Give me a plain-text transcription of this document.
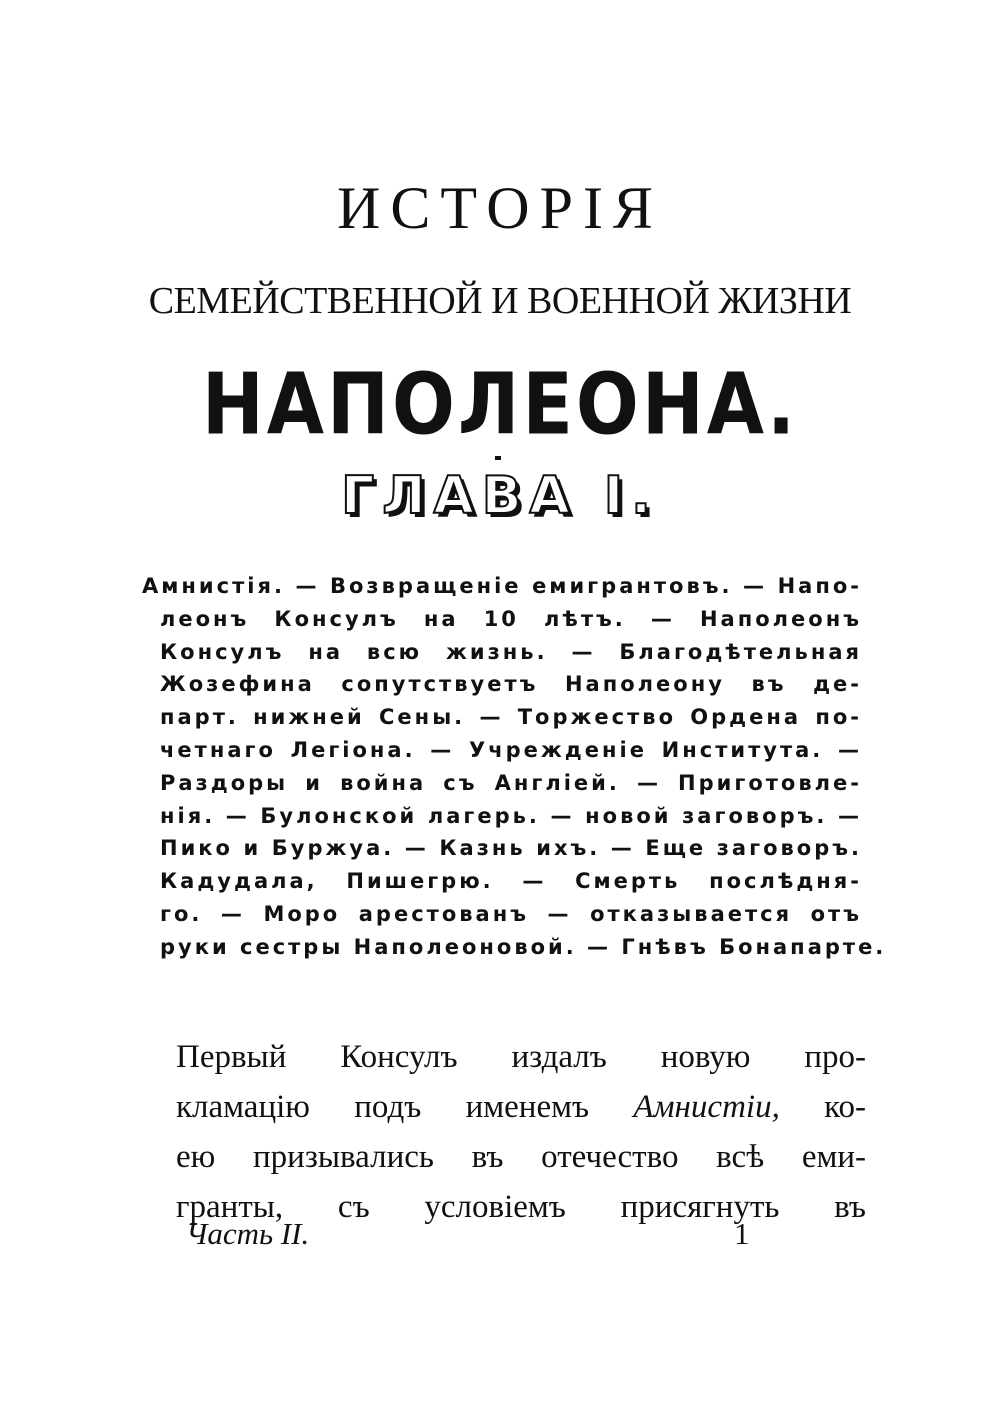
ИСТОРІЯ
СЕМЕЙСТВЕННОЙ И ВОЕННОЙ ЖИЗНИ
НАПОЛЕОНА.
ГЛАВА I.
Амнистія. — Возвращеніе емигрантовъ. — Напо-
леонъ Консулъ на 10 лѣтъ. — Наполеонъ
Консулъ на всю жизнь. — Благодѣтельная
Жозефина сопутствуетъ Наполеону въ де-
парт. нижней Сены. — Торжество Ордена по-
четнаго Легіона. — Учрежденіе Института. —
Раздоры и война съ Англіей. — Приготовле-
нія. — Булонской лагерь. — новой заговоръ. —
Пико и Буржуа. — Казнь ихъ. — Еще заговоръ.
Кадудала, Пишегрю. — Смерть послѣдня-
го. — Моро арестованъ — отказывается отъ
руки сестры Наполеоновой. — Гнѣвъ Бонапарте.
Первый Консулъ издалъ новую про-
кламацію подъ именемъ Амнистіи, ко-
ею призывались въ отечество всѣ еми-
гранты, съ условіемъ присягнуть въ
Часть II.	1
